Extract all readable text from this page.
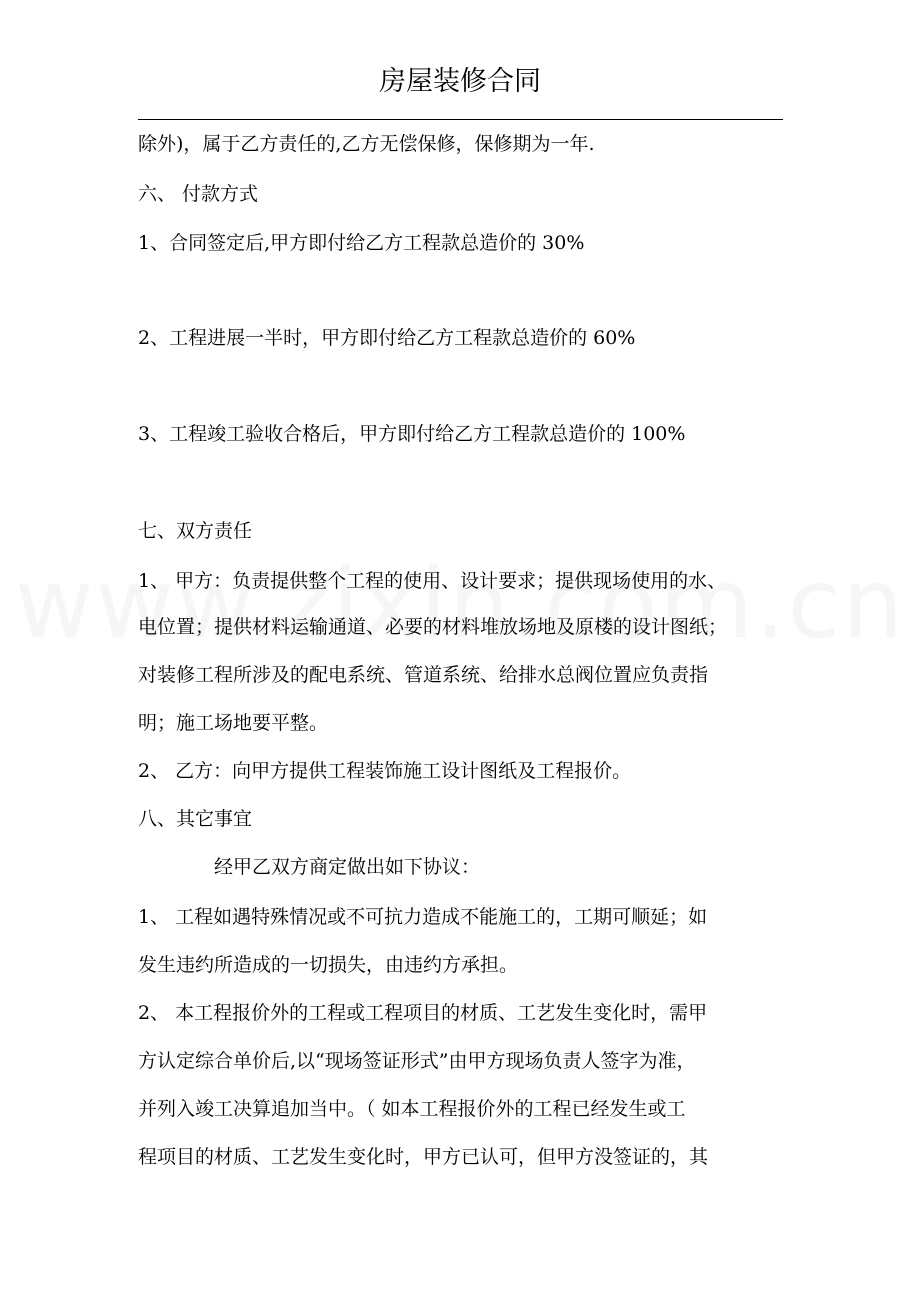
房屋装修合同
除外)，属于乙方责任的,乙方无偿保修，保修期为一年.
六、 付款方式
1、合同签定后,甲方即付给乙方工程款总造价的 30%
2、工程进展一半时，甲方即付给乙方工程款总造价的 60%
3、工程竣工验收合格后，甲方即付给乙方工程款总造价的 100%
七、双方责任
1、 甲方：负责提供整个工程的使用、设计要求；提供现场使用的水、
电位置；提供材料运输通道、必要的材料堆放场地及原楼的设计图纸；
对装修工程所涉及的配电系统、管道系统、给排水总阀位置应负责指
明；施工场地要平整。
2、 乙方：向甲方提供工程装饰施工设计图纸及工程报价。
八、其它事宜
经甲乙双方商定做出如下协议：
1、 工程如遇特殊情况或不可抗力造成不能施工的，工期可顺延；如
发生违约所造成的一切损失，由违约方承担。
2、 本工程报价外的工程或工程项目的材质、工艺发生变化时，需甲
方认定综合单价后,以“现场签证形式”由甲方现场负责人签字为准，
并列入竣工决算追加当中。（ 如本工程报价外的工程已经发生或工
程项目的材质、工艺发生变化时，甲方已认可，但甲方没签证的，其
